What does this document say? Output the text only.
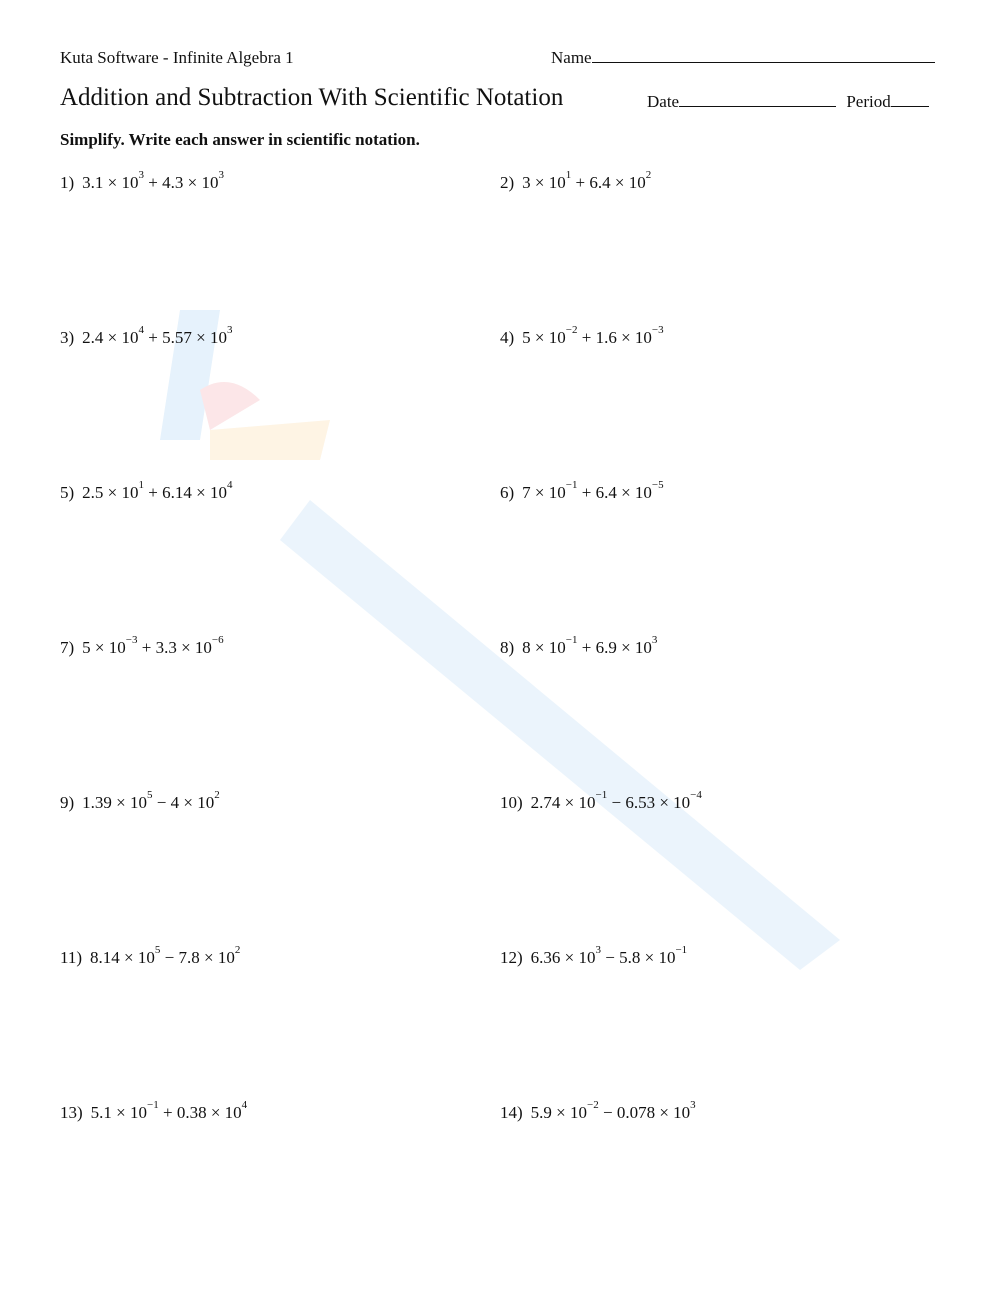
Kuta Software - Infinite Algebra 1	Name
Addition and Subtraction With Scientific Notation	Date	Period
Simplify. Write each answer in scientific notation.
1) $3.1 \times 10^3 + 4.3 \times 10^3$	2) $3 \times 10^1 + 6.4 \times 10^2$
3) $2.4 \times 10^4 + 5.57 \times 10^3$	4) $5 \times 10^{-2} + 1.6 \times 10^{-3}$
5) $2.5 \times 10^1 + 6.14 \times 10^4$	6) $7 \times 10^{-1} + 6.4 \times 10^{-5}$
7) $5 \times 10^{-3} + 3.3 \times 10^{-6}$	8) $8 \times 10^{-1} + 6.9 \times 10^3$
9) $1.39 \times 10^5 - 4 \times 10^2$	10) $2.74 \times 10^{-1} - 6.53 \times 10^{-4}$
11) $8.14 \times 10^5 - 7.8 \times 10^2$	12) $6.36 \times 10^3 - 5.8 \times 10^{-1}$
13) $5.1 \times 10^{-1} + 0.38 \times 10^4$	14) $5.9 \times 10^{-2} - 0.078 \times 10^3$
